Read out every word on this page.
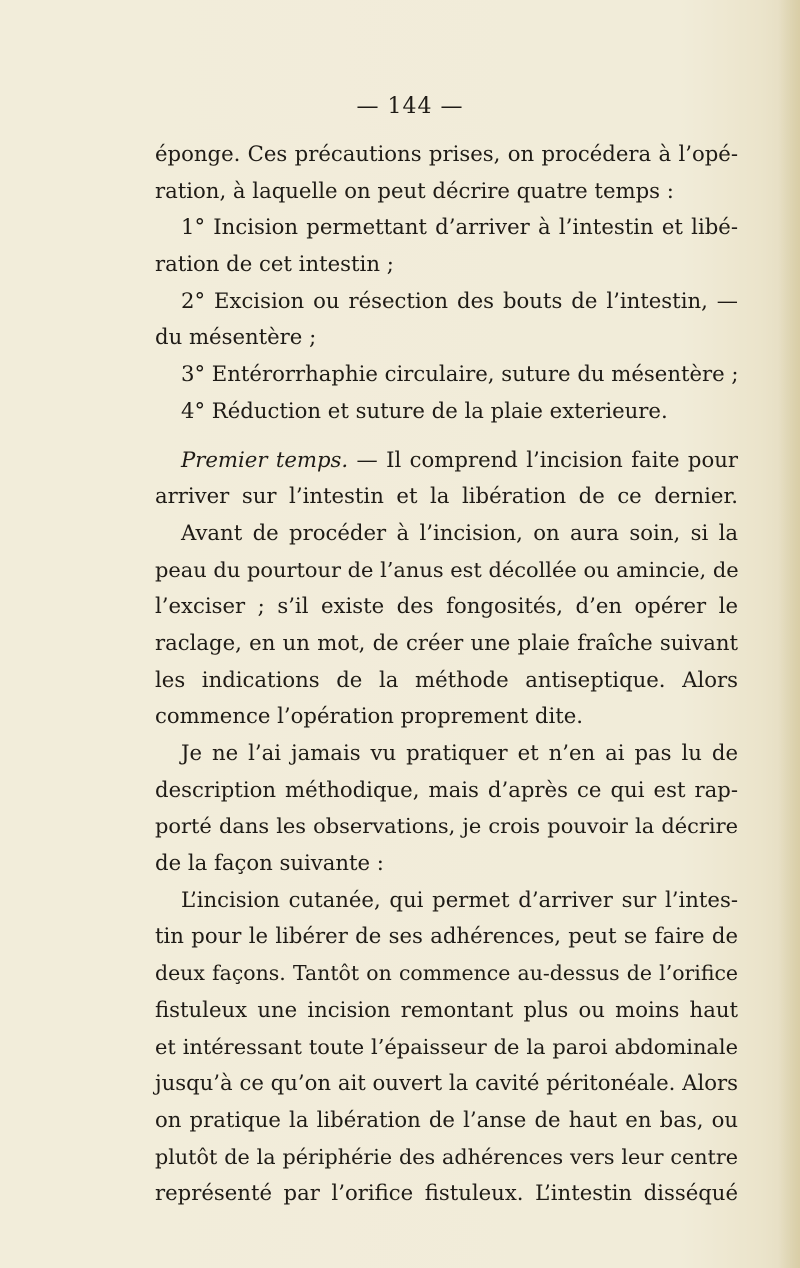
— 144 —
éponge. Ces précautions prises, on procédera à l’opé-
ration, à laquelle on peut décrire quatre temps :
1° Incision permettant d’arriver à l’intestin et libé-
ration de cet intestin ;
2° Excision ou résection des bouts de l’intestin, —
du mésentère ;
3° Entérorrhaphie circulaire, suture du mésentère ;
4° Réduction et suture de la plaie exterieure.
Premier temps. — Il comprend l’incision faite pour
arriver sur l’intestin et la libération de ce dernier.
Avant de procéder à l’incision, on aura soin, si la
peau du pourtour de l’anus est décollée ou amincie, de
l’exciser ; s’il existe des fongosités, d’en opérer le
raclage, en un mot, de créer une plaie fraîche suivant
les indications de la méthode antiseptique. Alors
commence l’opération proprement dite.
Je ne l’ai jamais vu pratiquer et n’en ai pas lu de
description méthodique, mais d’après ce qui est rap-
porté dans les observations, je crois pouvoir la décrire
de la façon suivante :
L’incision cutanée, qui permet d’arriver sur l’intes-
tin pour le libérer de ses adhérences, peut se faire de
deux façons. Tantôt on commence au-dessus de l’orifice
fistuleux une incision remontant plus ou moins haut
et intéressant toute l’épaisseur de la paroi abdominale
jusqu’à ce qu’on ait ouvert la cavité péritonéale. Alors
on pratique la libération de l’anse de haut en bas, ou
plutôt de la périphérie des adhérences vers leur centre
représenté par l’orifice fistuleux. L’intestin disséqué
